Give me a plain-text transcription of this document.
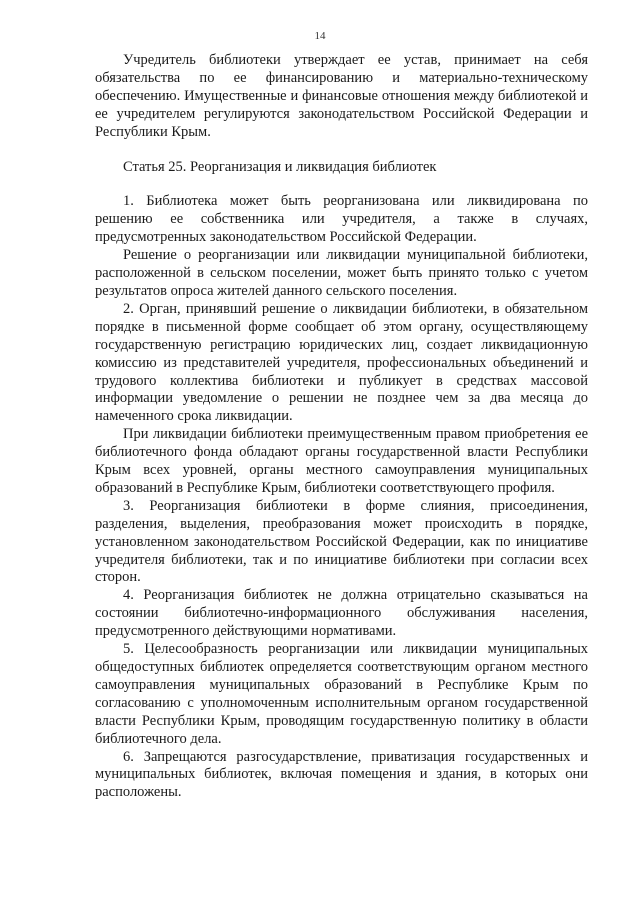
14

Учредитель библиотеки утверждает ее устав, принимает на себя обязательства по ее финансированию и материально-техническому обеспечению. Имущественные и финансовые отношения между библиотекой и ее учредителем регулируются законодательством Российской Федерации и Республики Крым.

Статья 25. Реорганизация и ликвидация библиотек

1. Библиотека может быть реорганизована или ликвидирована по решению ее собственника или учредителя, а также в случаях, предусмотренных законодательством Российской Федерации.

Решение о реорганизации или ликвидации муниципальной библиотеки, расположенной в сельском поселении, может быть принято только с учетом результатов опроса жителей данного сельского поселения.

2. Орган, принявший решение о ликвидации библиотеки, в обязательном порядке в письменной форме сообщает об этом органу, осуществляющему государственную регистрацию юридических лиц, создает ликвидационную комиссию из представителей учредителя, профессиональных объединений и трудового коллектива библиотеки и публикует в средствах массовой информации уведомление о решении не позднее чем за два месяца до намеченного срока ликвидации.

При ликвидации библиотеки преимущественным правом приобретения ее библиотечного фонда обладают органы государственной власти Республики Крым всех уровней, органы местного самоуправления муниципальных образований в Республике Крым, библиотеки соответствующего профиля.

3. Реорганизация библиотеки в форме слияния, присоединения, разделения, выделения, преобразования может происходить в порядке, установленном законодательством Российской Федерации, как по инициативе учредителя библиотеки, так и по инициативе библиотеки при согласии всех сторон.

4. Реорганизация библиотек не должна отрицательно сказываться на состоянии библиотечно-информационного обслуживания населения, предусмотренного действующими нормативами.

5. Целесообразность реорганизации или ликвидации муниципальных общедоступных библиотек определяется соответствующим органом местного самоуправления муниципальных образований в Республике Крым по согласованию с уполномоченным исполнительным органом государственной власти Республики Крым, проводящим государственную политику в области библиотечного дела.

6. Запрещаются разгосударствление, приватизация государственных и муниципальных библиотек, включая помещения и здания, в которых они расположены.
